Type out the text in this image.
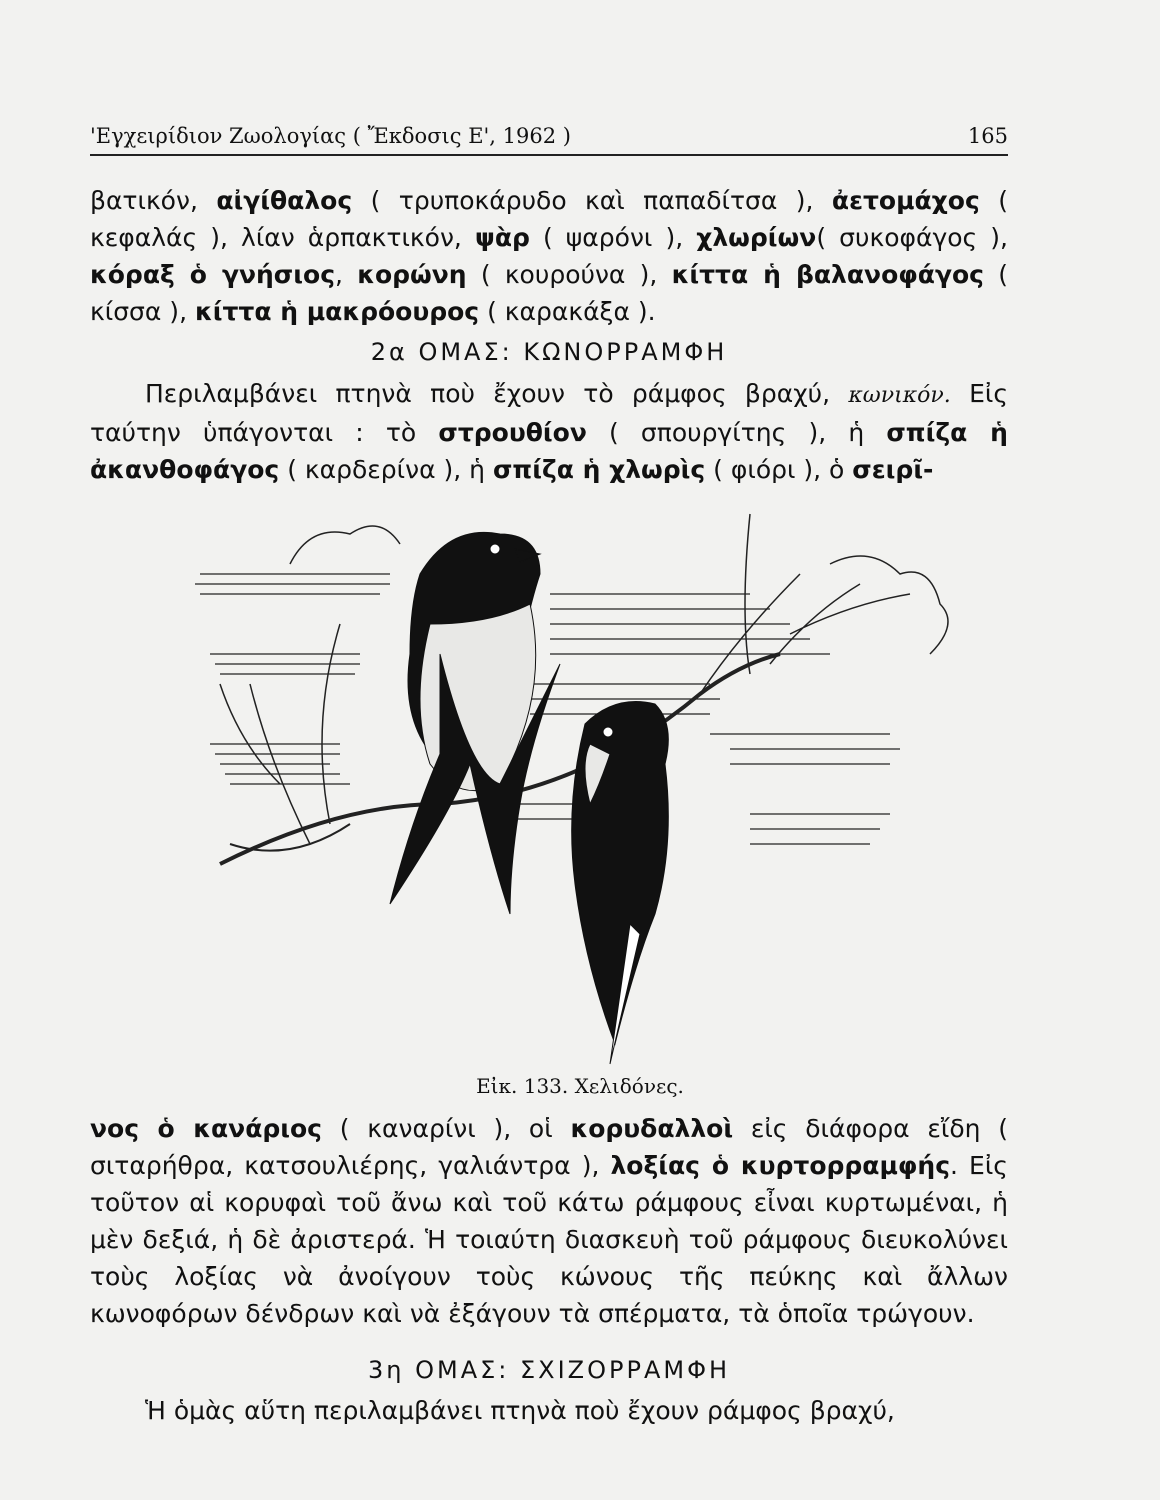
'Εγχειρίδιον Ζωολογίας ( Ἔκδοσις Ε', 1962 )	165

βατικόν, αἰγίθαλος ( τρυποκάρυδο καὶ παπαδίτσα ), ἀετομάχος ( κεφαλάς ), λίαν ἁρπακτικόν, ψὰρ ( ψαρόνι ), χλωρίων( συκοφάγος ), κόραξ ὁ γνήσιος, κορώνη ( κουρούνα ), κίττα ἡ βαλανοφάγος ( κίσσα ), κίττα ἡ μακρόουρος ( καρακάξα ).

2α ΟΜΑΣ: ΚΩΝΟΡΡΑΜΦΗ

Περιλαμβάνει πτηνὰ ποὺ ἔχουν τὸ ράμφος βραχύ, κωνικόν. Εἰς ταύτην ὑπάγονται : τὸ στρουθίον ( σπουργίτης ), ἡ σπίζα ἡ ἀκανθοφάγος ( καρδερίνα ), ἡ σπίζα ἡ χλωρὶς ( φιόρι ), ὁ σειρῖ-

Εἰκ. 133. Χελιδόνες.

νος ὁ κανάριος ( καναρίνι ), οἱ κορυδαλλοὶ εἰς διάφορα εἴδη ( σιταρήθρα, κατσουλιέρης, γαλιάντρα ), λοξίας ὁ κυρτορραμφής. Εἰς τοῦτον αἱ κορυφαὶ τοῦ ἄνω καὶ τοῦ κάτω ράμφους εἶναι κυρτωμέναι, ἡ μὲν δεξιά, ἡ δὲ ἀριστερά. Ἡ τοιαύτη διασκευὴ τοῦ ράμφους διευκολύνει τοὺς λοξίας νὰ ἀνοίγουν τοὺς κώνους τῆς πεύκης καὶ ἄλλων κωνοφόρων δένδρων καὶ νὰ ἐξάγουν τὰ σπέρματα, τὰ ὁποῖα τρώγουν.

3η ΟΜΑΣ: ΣΧΙΖΟΡΡΑΜΦΗ

Ἡ ὁμὰς αὕτη περιλαμβάνει πτηνὰ ποὺ ἔχουν ράμφος βραχύ,
